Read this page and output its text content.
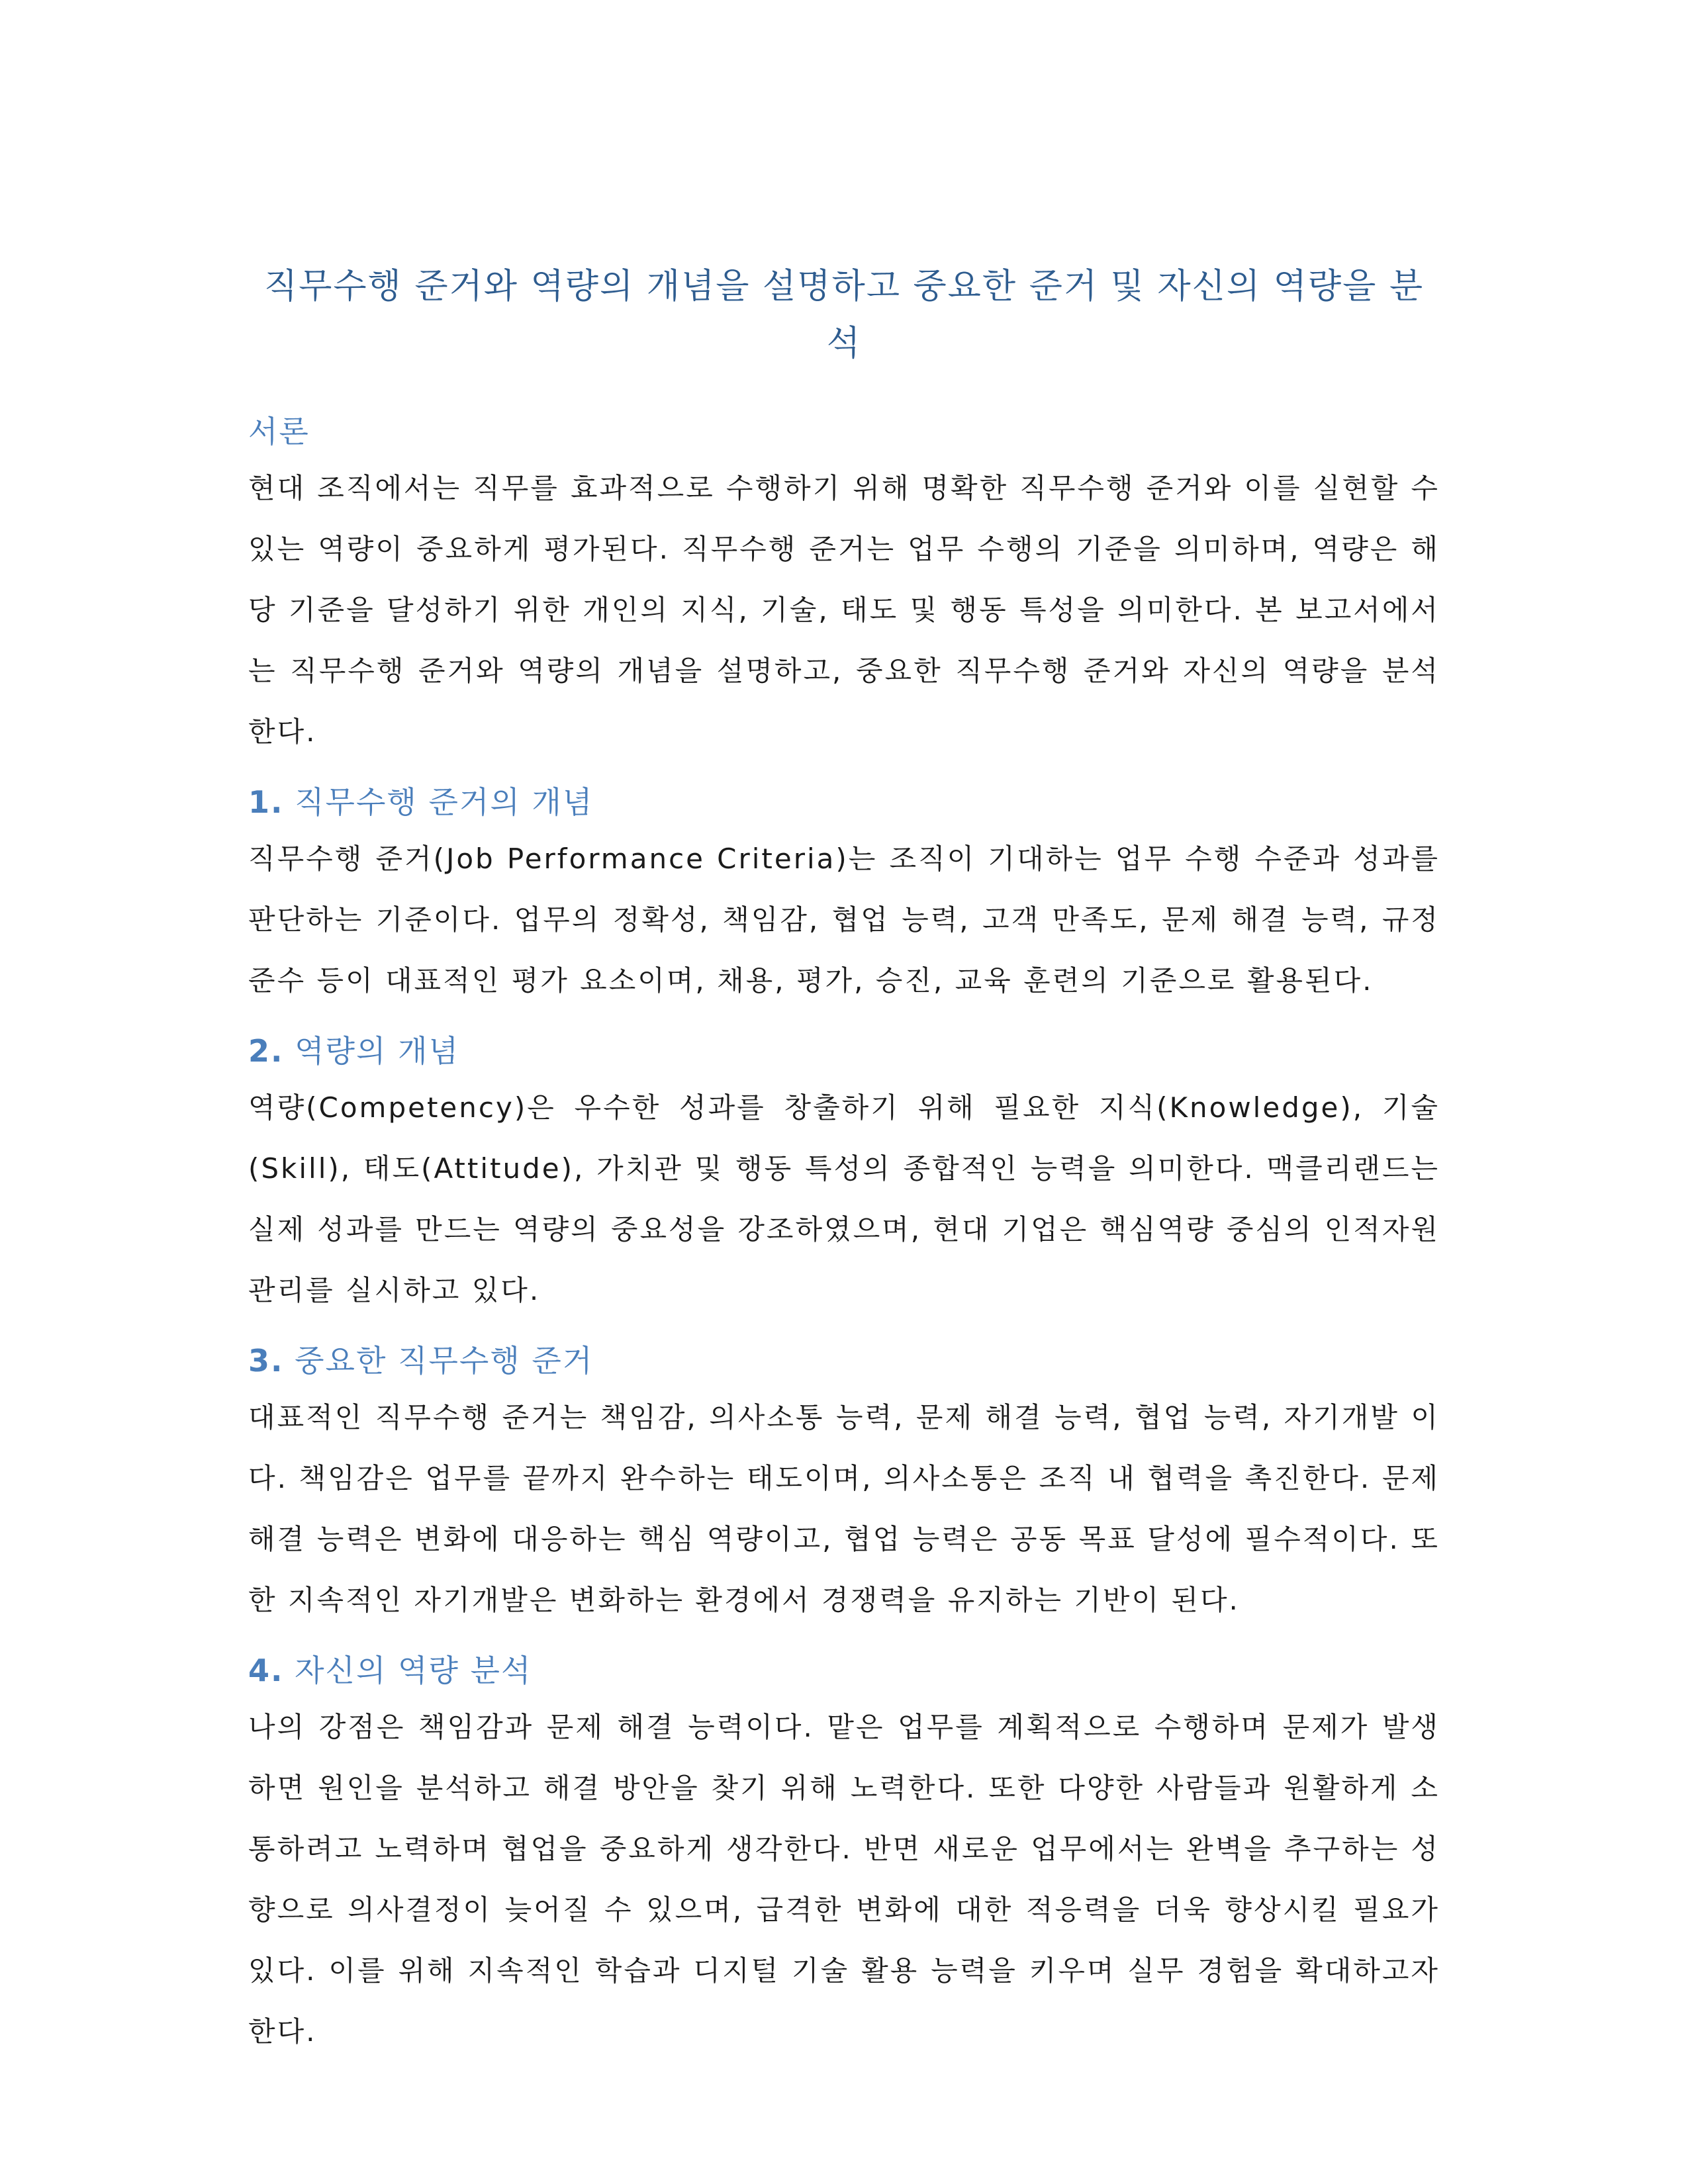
직무수행 준거와 역량의 개념을 설명하고 중요한 준거 및 자신의 역량을 분석
서론

현대 조직에서는 직무를 효과적으로 수행하기 위해 명확한 직무수행 준거와 이를 실현할 수 있는 역량이 중요하게 평가된다. 직무수행 준거는 업무 수행의 기준을 의미하며, 역량은 해당 기준을 달성하기 위한 개인의 지식, 기술, 태도 및 행동 특성을 의미한다. 본 보고서에서는 직무수행 준거와 역량의 개념을 설명하고, 중요한 직무수행 준거와 자신의 역량을 분석한다.

1. 직무수행 준거의 개념

직무수행 준거(Job Performance Criteria)는 조직이 기대하는 업무 수행 수준과 성과를 판단하는 기준이다. 업무의 정확성, 책임감, 협업 능력, 고객 만족도, 문제 해결 능력, 규정 준수 등이 대표적인 평가 요소이며, 채용, 평가, 승진, 교육 훈련의 기준으로 활용된다.

2. 역량의 개념

역량(Competency)은 우수한 성과를 창출하기 위해 필요한 지식(Knowledge), 기술(Skill), 태도(Attitude), 가치관 및 행동 특성의 종합적인 능력을 의미한다. 맥클리랜드는 실제 성과를 만드는 역량의 중요성을 강조하였으며, 현대 기업은 핵심역량 중심의 인적자원관리를 실시하고 있다.

3. 중요한 직무수행 준거

대표적인 직무수행 준거는 책임감, 의사소통 능력, 문제 해결 능력, 협업 능력, 자기개발 이다. 책임감은 업무를 끝까지 완수하는 태도이며, 의사소통은 조직 내 협력을 촉진한다. 문제 해결 능력은 변화에 대응하는 핵심 역량이고, 협업 능력은 공동 목표 달성에 필수적이다. 또한 지속적인 자기개발은 변화하는 환경에서 경쟁력을 유지하는 기반이 된다.

4. 자신의 역량 분석

나의 강점은 책임감과 문제 해결 능력이다. 맡은 업무를 계획적으로 수행하며 문제가 발생하면 원인을 분석하고 해결 방안을 찾기 위해 노력한다. 또한 다양한 사람들과 원활하게 소통하려고 노력하며 협업을 중요하게 생각한다. 반면 새로운 업무에서는 완벽을 추구하는 성향으로 의사결정이 늦어질 수 있으며, 급격한 변화에 대한 적응력을 더욱 향상시킬 필요가 있다. 이를 위해 지속적인 학습과 디지털 기술 활용 능력을 키우며 실무 경험을 확대하고자 한다.
